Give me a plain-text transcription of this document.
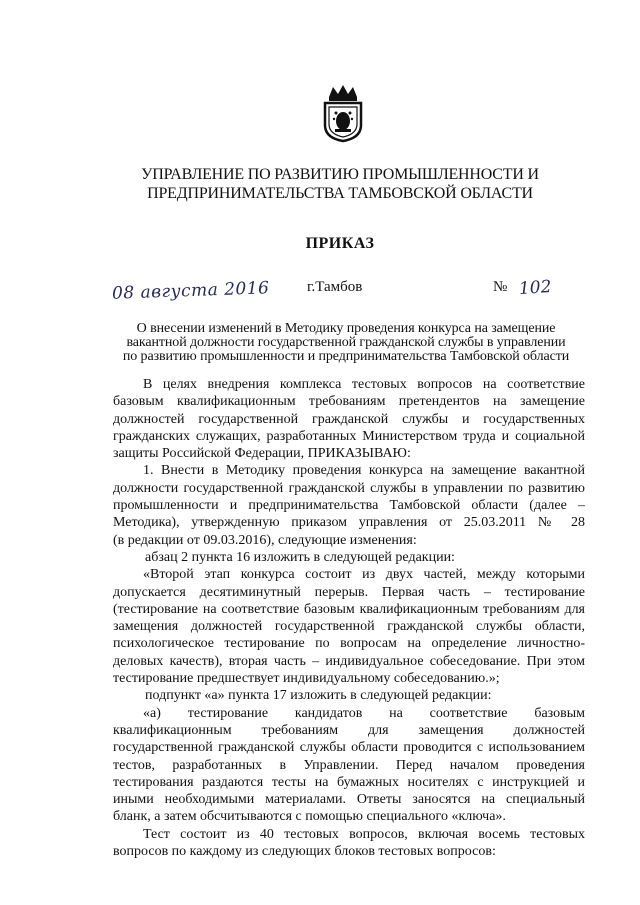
УПРАВЛЕНИЕ ПО РАЗВИТИЮ ПРОМЫШЛЕННОСТИ И
ПРЕДПРИНИМАТЕЛЬСТВА ТАМБОВСКОЙ ОБЛАСТИ
ПРИКАЗ
08 августа 2016 г.Тамбов	№ 102
О внесении изменений в Методику проведения конкурса на замещение
вакантной должности государственной гражданской службы в управлении
по развитию промышленности и предпринимательства Тамбовской области

В целях внедрения комплекса тестовых вопросов на соответствие

базовым квалификационным требованиям претендентов на замещение

должностей государственной гражданской службы и государственных

гражданских служащих, разработанных Министерством труда и социальной

защиты Российской Федерации, ПРИКАЗЫВАЮ:

1. Внести в Методику проведения конкурса на замещение вакантной

должности государственной гражданской службы в управлении по развитию

промышленности и предпринимательства Тамбовской области (далее –

Методика), утвержденную приказом управления от 25.03.2011 № 28

(в редакции от 09.03.2016), следующие изменения:

абзац 2 пункта 16 изложить в следующей редакции:

«Второй этап конкурса состоит из двух частей, между которыми

допускается десятиминутный перерыв. Первая часть – тестирование

(тестирование на соответствие базовым квалификационным требованиям для

замещения должностей государственной гражданской службы области,

психологическое тестирование по вопросам на определение личностно-

деловых качеств), вторая часть – индивидуальное собеседование. При этом

тестирование предшествует индивидуальному собеседованию.»;

подпункт «а» пункта 17 изложить в следующей редакции:

«а) тестирование кандидатов на соответствие базовым

квалификационным требованиям для замещения должностей

государственной гражданской службы области проводится с использованием

тестов, разработанных в Управлении. Перед началом проведения

тестирования раздаются тесты на бумажных носителях с инструкцией и

иными необходимыми материалами. Ответы заносятся на специальный

бланк, а затем обсчитываются с помощью специального «ключа».

Тест состоит из 40 тестовых вопросов, включая восемь тестовых

вопросов по каждому из следующих блоков тестовых вопросов:
